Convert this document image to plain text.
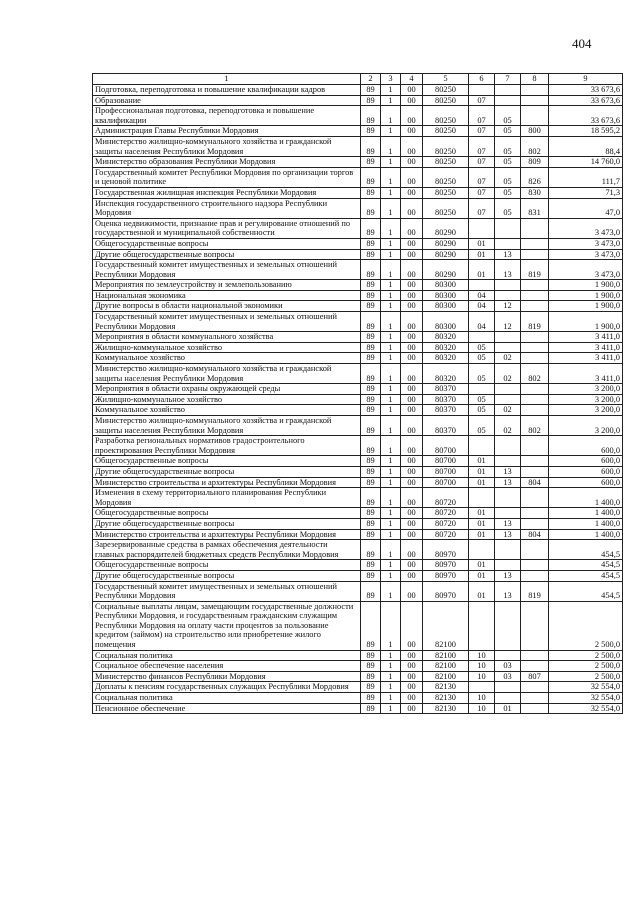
404
1	2	3	4	5	6	7	8	9
Подготовка, переподготовка и повышение квалификации кадров	89	1	00	80250				33 673,6
Образование	89	1	00	80250	07			33 673,6
Профессиональная подготовка, переподготовка и повышение квалификации	89	1	00	80250	07	05		33 673,6
Администрация Главы Республики Мордовия	89	1	00	80250	07	05	800	18 595,2
Министерство жилищно-коммунального хозяйства и гражданской защиты населения Республики Мордовия	89	1	00	80250	07	05	802	88,4
Министерство образования Республики Мордовия	89	1	00	80250	07	05	809	14 760,0
Государственный комитет Республики Мордовия по организации торгов и ценовой политике	89	1	00	80250	07	05	826	111,7
Государственная жилищная инспекция Республики Мордовия	89	1	00	80250	07	05	830	71,3
Инспекция государственного строительного надзора Республики Мордовия	89	1	00	80250	07	05	831	47,0
Оценка недвижимости, признание прав и регулирование отношений по государственной и муниципальной собственности	89	1	00	80290				3 473,0
Общегосударственные вопросы	89	1	00	80290	01			3 473,0
Другие общегосударственные вопросы	89	1	00	80290	01	13		3 473,0
Государственный комитет имущественных и земельных отношений Республики Мордовия	89	1	00	80290	01	13	819	3 473,0
Мероприятия по землеустройству и землепользованию	89	1	00	80300				1 900,0
Национальная экономика	89	1	00	80300	04			1 900,0
Другие вопросы в области национальной экономики	89	1	00	80300	04	12		1 900,0
Государственный комитет имущественных и земельных отношений Республики Мордовия	89	1	00	80300	04	12	819	1 900,0
Мероприятия в области коммунального хозяйства	89	1	00	80320				3 411,0
Жилищно-коммунальное хозяйство	89	1	00	80320	05			3 411,0
Коммунальное хозяйство	89	1	00	80320	05	02		3 411,0
Министерство жилищно-коммунального хозяйства и гражданской защиты населения Республики Мордовия	89	1	00	80320	05	02	802	3 411,0
Мероприятия в области охраны окружающей среды	89	1	00	80370				3 200,0
Жилищно-коммунальное хозяйство	89	1	00	80370	05			3 200,0
Коммунальное хозяйство	89	1	00	80370	05	02		3 200,0
Министерство жилищно-коммунального хозяйства и гражданской защиты населения Республики Мордовия	89	1	00	80370	05	02	802	3 200,0
Разработка региональных нормативов градостроительного проектирования Республики Мордовия	89	1	00	80700				600,0
Общегосударственные вопросы	89	1	00	80700	01			600,0
Другие общегосударственные вопросы	89	1	00	80700	01	13		600,0
Министерство строительства и архитектуры Республики Мордовия	89	1	00	80700	01	13	804	600,0
Изменения в схему территориального планирования Республики Мордовия	89	1	00	80720				1 400,0
Общегосударственные вопросы	89	1	00	80720	01			1 400,0
Другие общегосударственные вопросы	89	1	00	80720	01	13		1 400,0
Министерство строительства и архитектуры Республики Мордовия	89	1	00	80720	01	13	804	1 400,0
Зарезервированные средства в рамках обеспечения деятельности главных распорядителей бюджетных средств Республики Мордовия	89	1	00	80970				454,5
Общегосударственные вопросы	89	1	00	80970	01			454,5
Другие общегосударственные вопросы	89	1	00	80970	01	13		454,5
Государственный комитет имущественных и земельных отношений Республики Мордовия	89	1	00	80970	01	13	819	454,5
Социальные выплаты лицам, замещающим государственные должности Республики Мордовия, и государственным гражданским служащим Республики Мордовия на оплату части процентов за пользование кредитом (займом) на строительство или приобретение жилого помещения	89	1	00	82100				2 500,0
Социальная политика	89	1	00	82100	10			2 500,0
Социальное обеспечение населения	89	1	00	82100	10	03		2 500,0
Министерство финансов Республики Мордовия	89	1	00	82100	10	03	807	2 500,0
Доплаты к пенсиям государственных служащих Республики Мордовия	89	1	00	82130				32 554,0
Социальная политика	89	1	00	82130	10			32 554,0
Пенсионное обеспечение	89	1	00	82130	10	01		32 554,0
